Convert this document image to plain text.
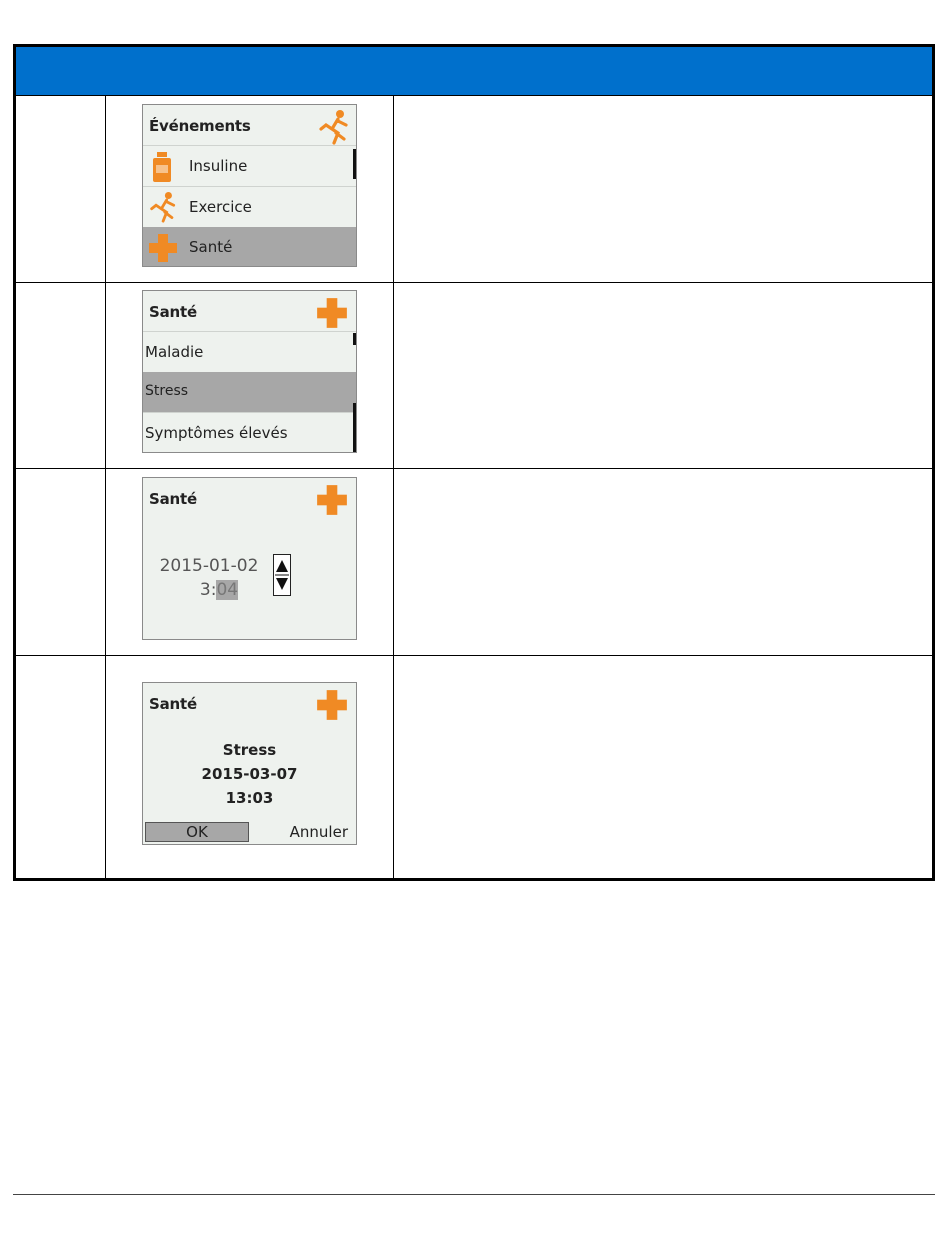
Événements
Insuline
Exercice
Santé
Santé
Maladie
Stress
Symptômes élevés
Santé
2015-01-02
3:04
Santé
Stress
2015-03-07
13:03
OK	Annuler
